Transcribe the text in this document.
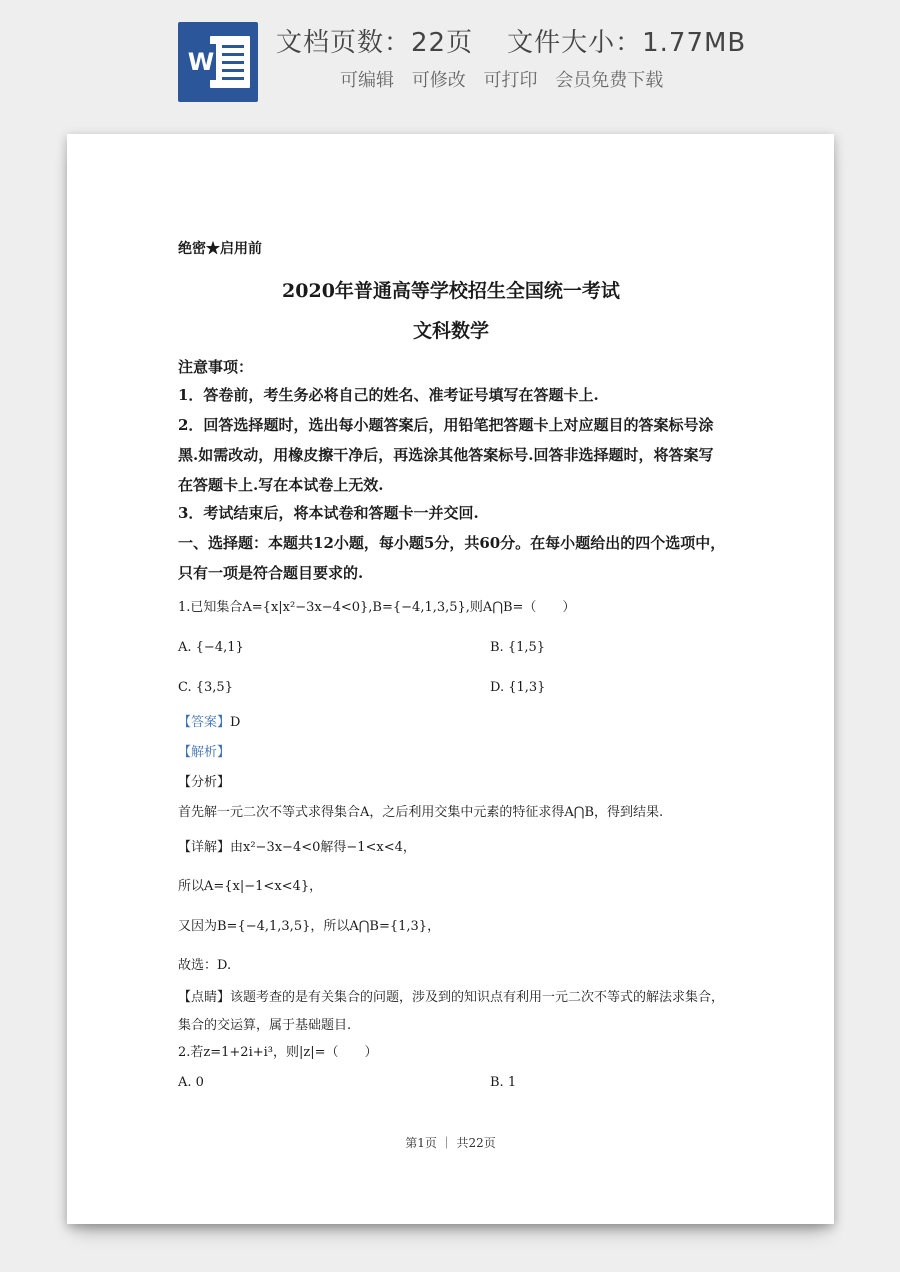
W
文档页数：22页 文件大小：1.77MB
可编辑 可修改 可打印 会员免费下载
绝密★启用前
2020年普通高等学校招生全国统一考试
文科数学
注意事项：
1．答卷前，考生务必将自己的姓名、准考证号填写在答题卡上.
2．回答选择题时，选出每小题答案后，用铅笔把答题卡上对应题目的答案标号涂黑.如需改动，用橡皮擦干净后，再选涂其他答案标号.回答非选择题时，将答案写在答题卡上.写在本试卷上无效.
3．考试结束后，将本试卷和答题卡一并交回.
一、选择题：本题共12小题，每小题5分，共60分。在每小题给出的四个选项中，只有一项是符合题目要求的.
1.已知集合A={x|x²−3x−4<0},B={−4,1,3,5},则A⋂B=（　　）
A. {−4,1}	B. {1,5}
C. {3,5}	D. {1,3}
【答案】D
【解析】
【分析】
首先解一元二次不等式求得集合A，之后利用交集中元素的特征求得A⋂B，得到结果.
【详解】由x²−3x−4<0解得−1<x<4，
所以A={x|−1<x<4}，
又因为B={−4,1,3,5}，所以A⋂B={1,3}，
故选：D.
【点睛】该题考查的是有关集合的问题，涉及到的知识点有利用一元二次不等式的解法求集合，集合的交运算，属于基础题目.
2.若z=1+2i+i³，则|z|=（　　）
A. 0	B. 1
第1页 ｜ 共22页
